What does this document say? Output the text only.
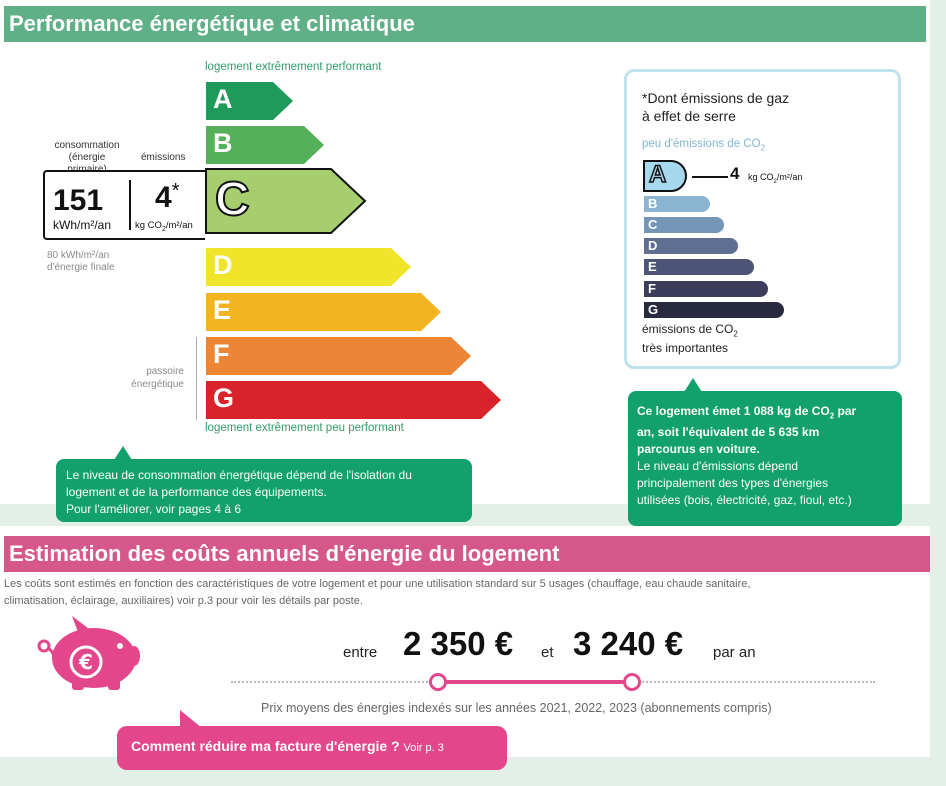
Performance énergétique et climatique
logement extrêmement performant
A
B
C
D
E
F
G
consommation
(énergie	émissions
151
kWh/m²/an
4*
kg $CO_2/m^2/an$
80 kWh/m²/an
d'énergie finale
passoire
énergétique
logement extrêmement peu performant
Le niveau de consommation énergétique dépend de l'isolation du
logement et de la performance des équipements.
Pour l'améliorer, voir pages 4 à 6
*Dont émissions de gaz
à effet de serre
peu d'émissions de $CO_2$
A
B
C
D
E
F
G
4 kg $CO_2/m^2/an$
émissions de $CO_2$
très importantes
Ce logement émet 1 088 kg de $CO_2$ par
an, soit l'équivalent de 5 635 km
parcourus en voiture.
Le niveau d'émissions dépend
principalement des types d'énergies
utilisées (bois, électricité, gaz, fioul, etc.)
Estimation des coûts annuels d'énergie du logement
Les coûts sont estimés en fonction des caractéristiques de votre logement et pour une utilisation standard sur 5 usages (chauffage, eau chaude sanitaire,
climatisation, éclairage, auxiliaires) voir p.3 pour voir les détails par poste.
€	entre 2 350 € et 3 240 € par an
Prix moyens des énergies indexés sur les années 2021, 2022, 2023 (abonnements compris)
Comment réduire ma facture d'énergie ? Voir p. 3
